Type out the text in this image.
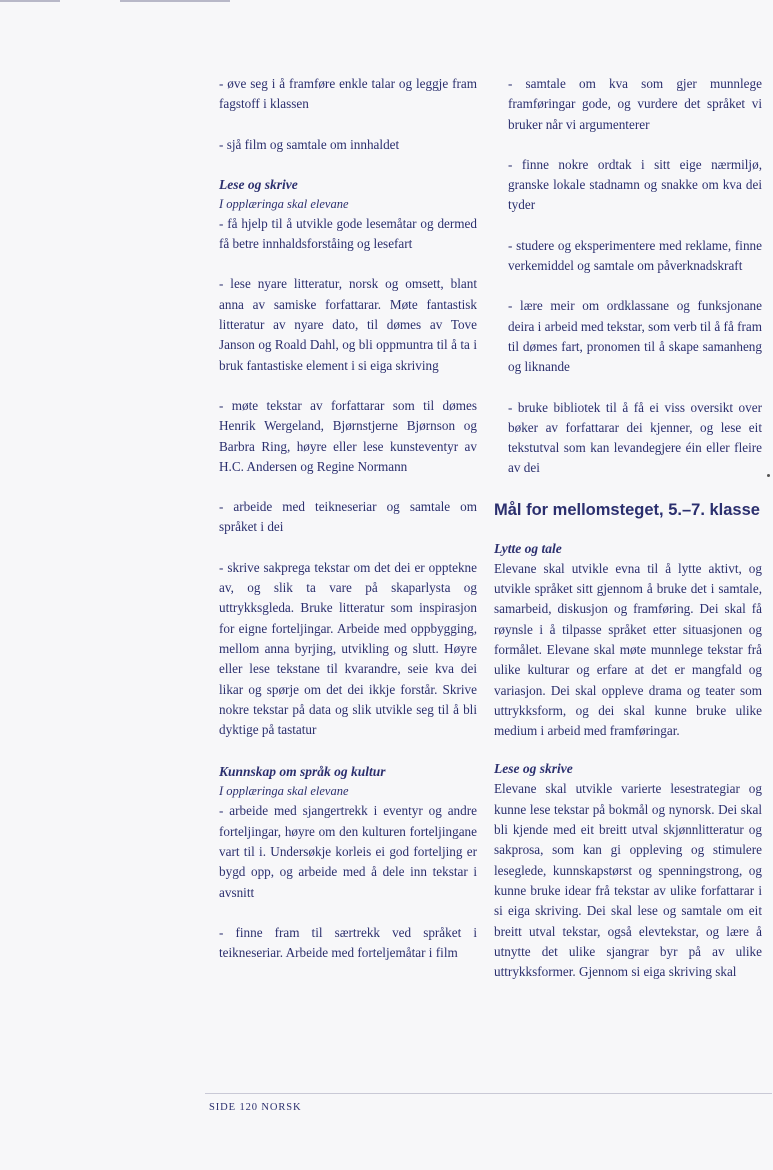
- øve seg i å framføre enkle talar og leggje fram fagstoff i klassen

- sjå film og samtale om innhaldet

Lese og skrive

I opplæringa skal elevane

- få hjelp til å utvikle gode lesemåtar og dermed få betre innhaldsforståing og lesefart

- lese nyare litteratur, norsk og omsett, blant anna av samiske forfattarar. Møte fantastisk litteratur av nyare dato, til dømes av Tove Janson og Roald Dahl, og bli oppmuntra til å ta i bruk fantastiske element i si eiga skriving

- møte tekstar av forfattarar som til dømes Henrik Wergeland, Bjørnstjerne Bjørnson og Barbra Ring, høyre eller lese kunsteventyr av H.C. Andersen og Regine Normann

- arbeide med teikneseriar og samtale om språket i dei

- skrive sakprega tekstar om det dei er opptekne av, og slik ta vare på skaparlysta og uttrykksgleda. Bruke litteratur som inspirasjon for eigne forteljingar. Arbeide med oppbygging, mellom anna byrjing, utvikling og slutt. Høyre eller lese tekstane til kvarandre, seie kva dei likar og spørje om det dei ikkje forstår. Skrive nokre tekstar på data og slik utvikle seg til å bli dyktige på tastatur

Kunnskap om språk og kultur

I opplæringa skal elevane

- arbeide med sjangertrekk i eventyr og andre forteljingar, høyre om den kulturen forteljingane vart til i. Undersøkje korleis ei god forteljing er bygd opp, og arbeide med å dele inn tekstar i avsnitt

- finne fram til særtrekk ved språket i teikneseriar. Arbeide med forteljemåtar i film

- samtale om kva som gjer munnlege framføringar gode, og vurdere det språket vi bruker når vi argumenterer

- finne nokre ordtak i sitt eige nærmiljø, granske lokale stadnamn og snakke om kva dei tyder

- studere og eksperimentere med reklame, finne verkemiddel og samtale om påverknadskraft

- lære meir om ordklassane og funksjonane deira i arbeid med tekstar, som verb til å få fram til dømes fart, pronomen til å skape samanheng og liknande

- bruke bibliotek til å få ei viss oversikt over bøker av forfattarar dei kjenner, og lese eit tekstutval som kan levandegjere éin eller fleire av dei

Mål for mellomsteget, 5.–7. klasse

Lytte og tale

Elevane skal utvikle evna til å lytte aktivt, og utvikle språket sitt gjennom å bruke det i samtale, samarbeid, diskusjon og framføring. Dei skal få røynsle i å tilpasse språket etter situasjonen og formålet. Elevane skal møte munnlege tekstar frå ulike kulturar og erfare at det er mangfald og variasjon. Dei skal oppleve drama og teater som uttrykksform, og dei skal kunne bruke ulike medium i arbeid med framføringar.

Lese og skrive

Elevane skal utvikle varierte lesestrategiar og kunne lese tekstar på bokmål og nynorsk. Dei skal bli kjende med eit breitt utval skjønnlitteratur og sakprosa, som kan gi oppleving og stimulere leseglede, kunnskapstørst og spenningstrong, og kunne bruke idear frå tekstar av ulike forfattarar i si eiga skriving. Dei skal lese og samtale om eit breitt utval tekstar, også elevtekstar, og lære å utnytte det ulike sjangrar byr på av ulike uttrykksformer. Gjennom si eiga skriving skal

SIDE 120 NORSK
